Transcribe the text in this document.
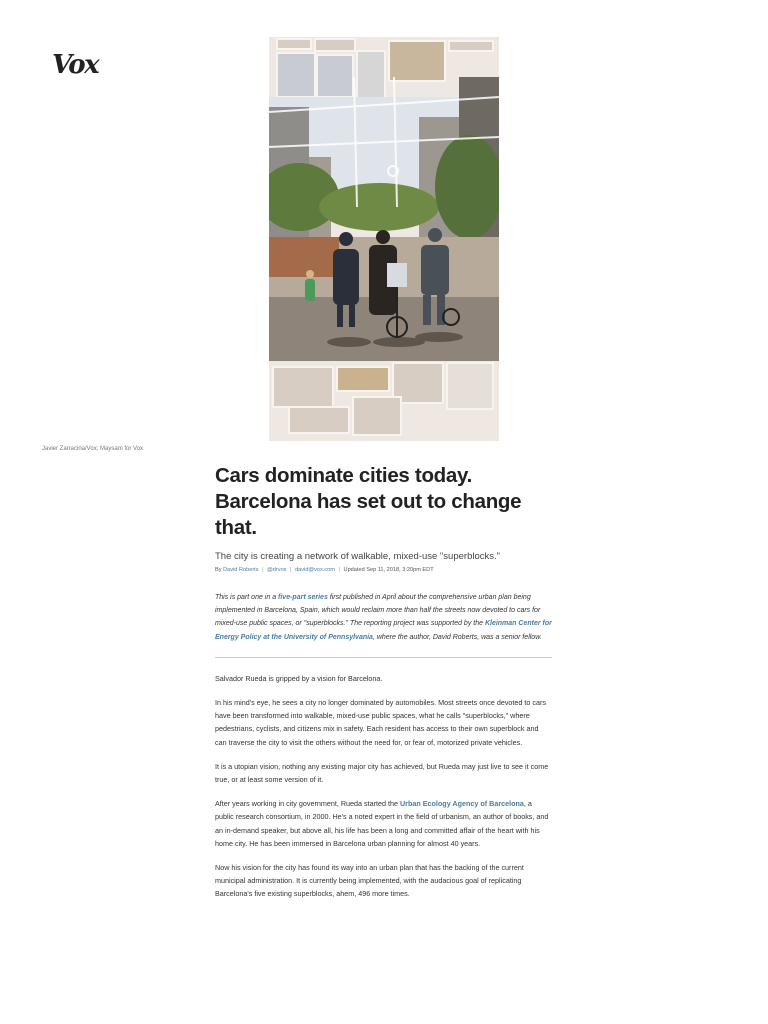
Vox
Javier Zarracina/Vox; Maysam for Vox
Cars dominate cities today. Barcelona has set out to change that.

The city is creating a network of walkable, mixed-use "superblocks."

By David Roberts | @drvox | david@vox.com | Updated Sep 11, 2018, 3:20pm EDT

This is part one in a five-part series first published in April about the comprehensive urban plan being implemented in Barcelona, Spain, which would reclaim more than half the streets now devoted to cars for mixed-use public spaces, or "superblocks." The reporting project was supported by the Kleinman Center for Energy Policy at the University of Pennsylvania, where the author, David Roberts, was a senior fellow.

Salvador Rueda is gripped by a vision for Barcelona.

In his mind's eye, he sees a city no longer dominated by automobiles. Most streets once devoted to cars have been transformed into walkable, mixed-use public spaces, what he calls "superblocks," where pedestrians, cyclists, and citizens mix in safety. Each resident has access to their own superblock and can traverse the city to visit the others without the need for, or fear of, motorized private vehicles.

It is a utopian vision, nothing any existing major city has achieved, but Rueda may just live to see it come true, or at least some version of it.

After years working in city government, Rueda started the Urban Ecology Agency of Barcelona, a public research consortium, in 2000. He's a noted expert in the field of urbanism, an author of books, and an in-demand speaker, but above all, his life has been a long and committed affair of the heart with his home city. He has been immersed in Barcelona urban planning for almost 40 years.

Now his vision for the city has found its way into an urban plan that has the backing of the current municipal administration. It is currently being implemented, with the audacious goal of replicating Barcelona's five existing superblocks, ahem, 496 more times.
